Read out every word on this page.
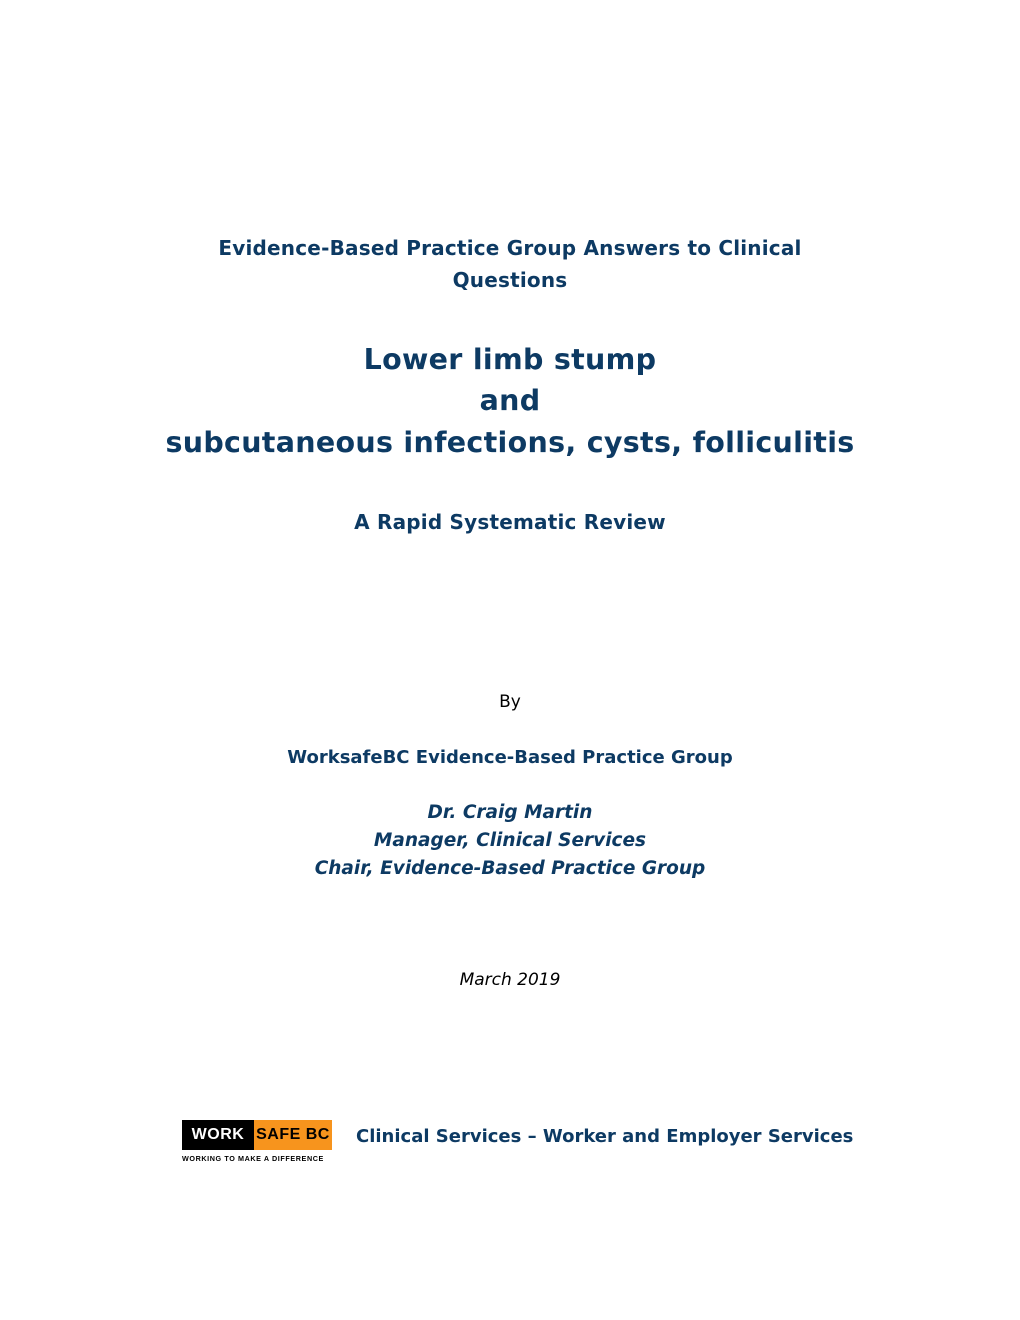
Evidence-Based Practice Group Answers to Clinical
Questions
Lower limb stump
and
subcutaneous infections, cysts, folliculitis
A Rapid Systematic Review
By
WorksafeBC Evidence-Based Practice Group
Dr. Craig Martin
Manager, Clinical Services
Chair, Evidence-Based Practice Group
March 2019
WORK SAFE BC
WORKING TO MAKE A DIFFERENCE
Clinical Services – Worker and Employer Services
